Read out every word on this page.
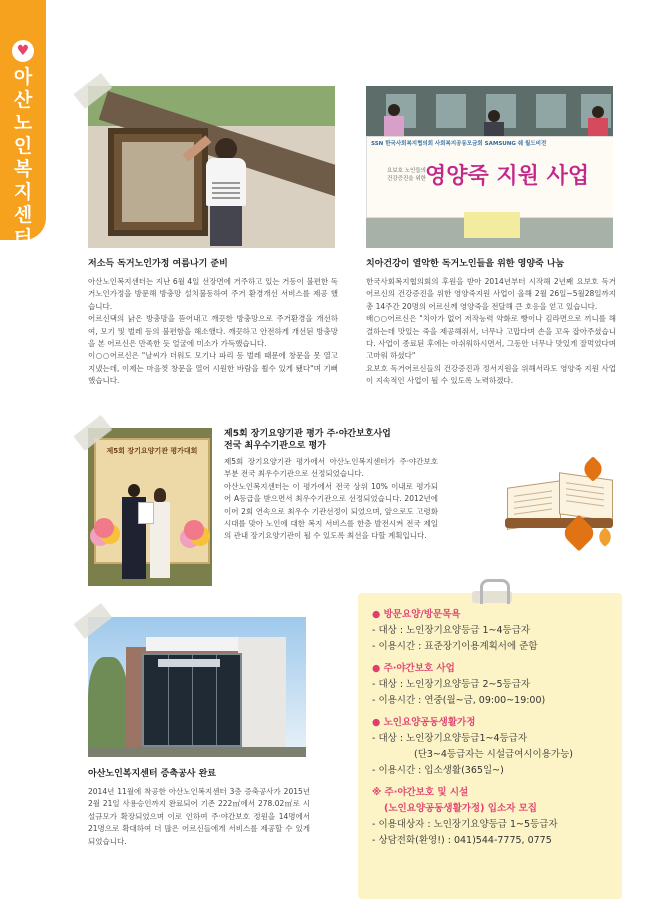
♥
아
산
노
인
복
지
센
터
저소득 독거노인가정 여름나기 준비

아산노인복지센터는 지난 6월 4일 선장면에 거주하고 있는 거동이 불편한 독거노인가정을 방문해 방충망 설치불동하여 주거 환경개선 서비스를 제공 했습니다.

어르신댁의 낡은 방충망을 뜯어내고 깨끗한 방충망으로 주거환경을 개선하여, 모기 및 벌레 등의 불편함을 해소했다. 깨끗하고 안전하게 개선된 방충망을 본 어르신은 만족한 듯 얼굴에 미소가 가득했습니다.

이○○어르신은 "날씨가 더워도 모기나 파리 등 벌레 때문에 창문을 못 열고 지냈는데, 이제는 마음껏 창문을 열어 시원한 바람을 쐴수 있게 됐다"며 기뻐했습니다.

SSN 한국사회복지협의회 사회복지공동모금회 SAMSUNG 쉐 월드비전
요보호 노인들의
건강증진을 위한 영양죽 지원 사업
치아건강이 열악한 독거노인들을 위한 영양죽 나눔

한국사회복지협의회의 후원을 받아 2014년부터 시작해 2년째 요보호 독거어르신의 건강증진을 위한 영양죽지원 사업이 올해 2월 26일~5월28일까지 총 14주간 20명의 어르신께 영양죽을 전달해 큰 호응을 얻고 있습니다.

배○○어르신은 "치아가 없어 저작능력 약화로 빵이나 김라면으로 끼니를 해결하는데 맛있는 죽을 제공해줘서, 너무나 고맙다며 손을 꼬옥 잡아주셨습니다. 사업이 종료된 후에는 아쉬워하시면서, 그동안 너무나 맛있게 잘먹었다며 고마워 하셨다"

요보호 독거어르신들의 건강증진과 정서지원을 위해서라도 영양죽 지원 사업이 지속적인 사업이 될 수 있도록 노력하겠다.

제5회 장기요양기관 평가대회
제5회 장기요양기관 평가 주·야간보호사업
전국 최우수기관으로 평가

제5회 장기요양기관 평가에서 아산노인복지센터가 주·야간보호 부분 전국 최우수기관으로 선정되었습니다.

아산노인복지센터는 이 평가에서 전국 상위 10% 이내로 평가되어 A등급을 받으면서 최우수기관으로 선정되었습니다. 2012년에 이어 2회 연속으로 최우수 기관선정이 되었으며, 앞으로도 고령화시대를 맞아 노인에 대한 복지 서비스를 한층 발전시켜 전국 제일의 관내 장기요양기관이 될 수 있도록 최선을 다할 계획입니다.

아산노인복지센터 증축공사 완료

2014년 11월에 착공한 아산노인복지센터 3층 증축공사가 2015년 2월 21일 사용승인까지 완료되어 기존 222㎡에서 278.02㎡로 시설규모가 확장되었으며 이로 인하여 주·야간보호 정원을 14명에서 21명으로 확대하여 더 많은 어르신들에게 서비스를 제공할 수 있게 되었습니다.

● 방문요양/방문목욕

- 대상 : 노인장기요양등급 1~4등급자

- 이용시간 : 표준장기이용계획서에 준함

● 주·야간보호 사업

- 대상 : 노인장기요양등급 2~5등급자

- 이용시간 : 연중(월~금, 09:00~19:00)

● 노인요양공동생활가정

- 대상 : 노인장기요양등급1~4등급자

(단3~4등급자는 시설급여시이용가능)

- 이용시간 : 입소생활(365일~)

※ 주·야간보호 및 시설

(노인요양공동생활가정) 입소자 모집

- 이용대상자 : 노인장기요양등급 1~5등급자

- 상담전화(환영!) : 041)544-7775, 0775
